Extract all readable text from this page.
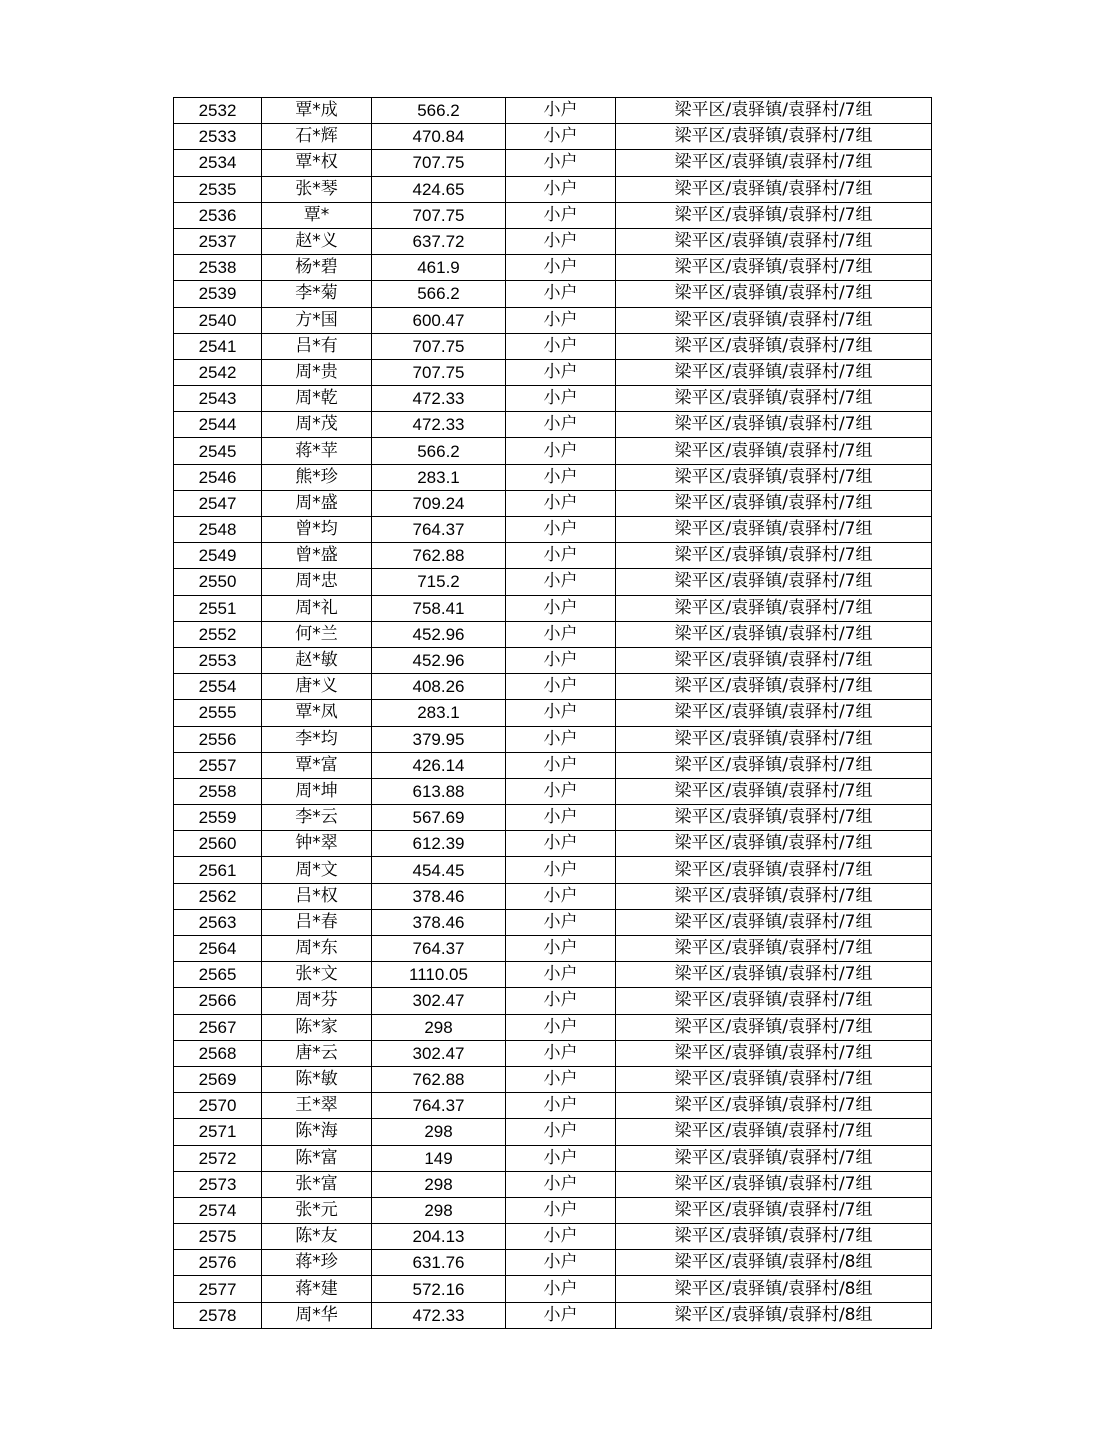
2532	覃*成	566.2	小户	梁平区/袁驿镇/袁驿村/7组
2533	石*辉	470.84	小户	梁平区/袁驿镇/袁驿村/7组
2534	覃*权	707.75	小户	梁平区/袁驿镇/袁驿村/7组
2535	张*琴	424.65	小户	梁平区/袁驿镇/袁驿村/7组
2536	覃*	707.75	小户	梁平区/袁驿镇/袁驿村/7组
2537	赵*义	637.72	小户	梁平区/袁驿镇/袁驿村/7组
2538	杨*碧	461.9	小户	梁平区/袁驿镇/袁驿村/7组
2539	李*菊	566.2	小户	梁平区/袁驿镇/袁驿村/7组
2540	方*国	600.47	小户	梁平区/袁驿镇/袁驿村/7组
2541	吕*有	707.75	小户	梁平区/袁驿镇/袁驿村/7组
2542	周*贵	707.75	小户	梁平区/袁驿镇/袁驿村/7组
2543	周*乾	472.33	小户	梁平区/袁驿镇/袁驿村/7组
2544	周*茂	472.33	小户	梁平区/袁驿镇/袁驿村/7组
2545	蒋*苹	566.2	小户	梁平区/袁驿镇/袁驿村/7组
2546	熊*珍	283.1	小户	梁平区/袁驿镇/袁驿村/7组
2547	周*盛	709.24	小户	梁平区/袁驿镇/袁驿村/7组
2548	曾*均	764.37	小户	梁平区/袁驿镇/袁驿村/7组
2549	曾*盛	762.88	小户	梁平区/袁驿镇/袁驿村/7组
2550	周*忠	715.2	小户	梁平区/袁驿镇/袁驿村/7组
2551	周*礼	758.41	小户	梁平区/袁驿镇/袁驿村/7组
2552	何*兰	452.96	小户	梁平区/袁驿镇/袁驿村/7组
2553	赵*敏	452.96	小户	梁平区/袁驿镇/袁驿村/7组
2554	唐*义	408.26	小户	梁平区/袁驿镇/袁驿村/7组
2555	覃*凤	283.1	小户	梁平区/袁驿镇/袁驿村/7组
2556	李*均	379.95	小户	梁平区/袁驿镇/袁驿村/7组
2557	覃*富	426.14	小户	梁平区/袁驿镇/袁驿村/7组
2558	周*坤	613.88	小户	梁平区/袁驿镇/袁驿村/7组
2559	李*云	567.69	小户	梁平区/袁驿镇/袁驿村/7组
2560	钟*翠	612.39	小户	梁平区/袁驿镇/袁驿村/7组
2561	周*文	454.45	小户	梁平区/袁驿镇/袁驿村/7组
2562	吕*权	378.46	小户	梁平区/袁驿镇/袁驿村/7组
2563	吕*春	378.46	小户	梁平区/袁驿镇/袁驿村/7组
2564	周*东	764.37	小户	梁平区/袁驿镇/袁驿村/7组
2565	张*文	1110.05	小户	梁平区/袁驿镇/袁驿村/7组
2566	周*芬	302.47	小户	梁平区/袁驿镇/袁驿村/7组
2567	陈*家	298	小户	梁平区/袁驿镇/袁驿村/7组
2568	唐*云	302.47	小户	梁平区/袁驿镇/袁驿村/7组
2569	陈*敏	762.88	小户	梁平区/袁驿镇/袁驿村/7组
2570	王*翠	764.37	小户	梁平区/袁驿镇/袁驿村/7组
2571	陈*海	298	小户	梁平区/袁驿镇/袁驿村/7组
2572	陈*富	149	小户	梁平区/袁驿镇/袁驿村/7组
2573	张*富	298	小户	梁平区/袁驿镇/袁驿村/7组
2574	张*元	298	小户	梁平区/袁驿镇/袁驿村/7组
2575	陈*友	204.13	小户	梁平区/袁驿镇/袁驿村/7组
2576	蒋*珍	631.76	小户	梁平区/袁驿镇/袁驿村/8组
2577	蒋*建	572.16	小户	梁平区/袁驿镇/袁驿村/8组
2578	周*华	472.33	小户	梁平区/袁驿镇/袁驿村/8组
